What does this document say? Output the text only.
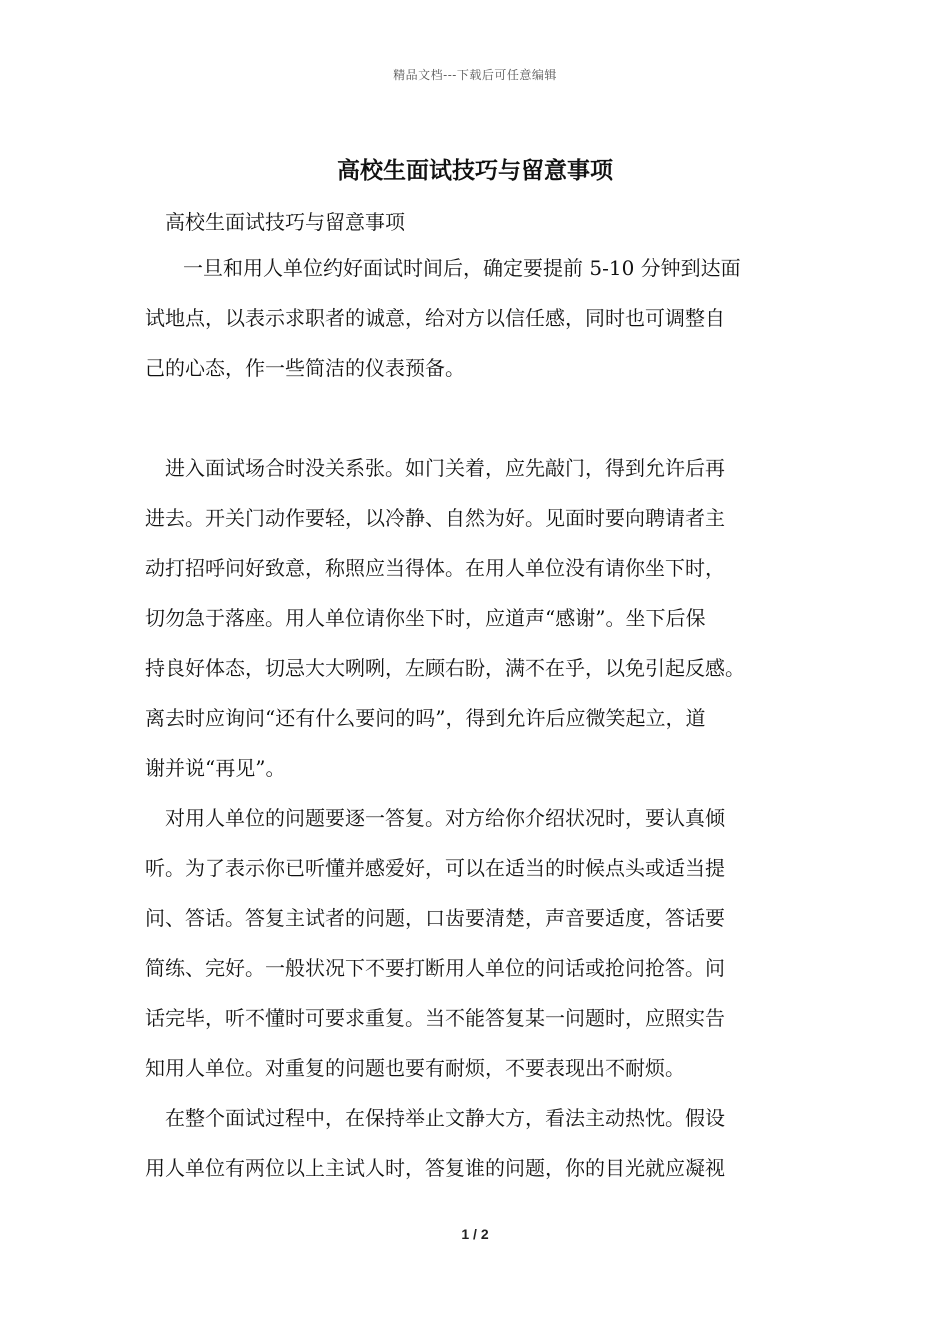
精品文档---下载后可任意编辑
高校生面试技巧与留意事项
高校生面试技巧与留意事项
一旦和用人单位约好面试时间后，确定要提前 5-10 分钟到达面
试地点，以表示求职者的诚意，给对方以信任感，同时也可调整自
己的心态，作一些简洁的仪表预备。
进入面试场合时没关系张。如门关着，应先敲门，得到允许后再
进去。开关门动作要轻，以冷静、自然为好。见面时要向聘请者主
动打招呼问好致意，称照应当得体。在用人单位没有请你坐下时，
切勿急于落座。用人单位请你坐下时，应道声“感谢”。坐下后保
持良好体态，切忌大大咧咧，左顾右盼，满不在乎，以免引起反感。
离去时应询问“还有什么要问的吗”，得到允许后应微笑起立，道
谢并说“再见”。
对用人单位的问题要逐一答复。对方给你介绍状况时，要认真倾
听。为了表示你已听懂并感爱好，可以在适当的时候点头或适当提
问、答话。答复主试者的问题，口齿要清楚，声音要适度，答话要
简练、完好。一般状况下不要打断用人单位的问话或抢问抢答。问
话完毕，听不懂时可要求重复。当不能答复某一问题时，应照实告
知用人单位。对重复的问题也要有耐烦，不要表现出不耐烦。
在整个面试过程中，在保持举止文静大方，看法主动热忱。假设
用人单位有两位以上主试人时，答复谁的问题，你的目光就应凝视
1 / 2
